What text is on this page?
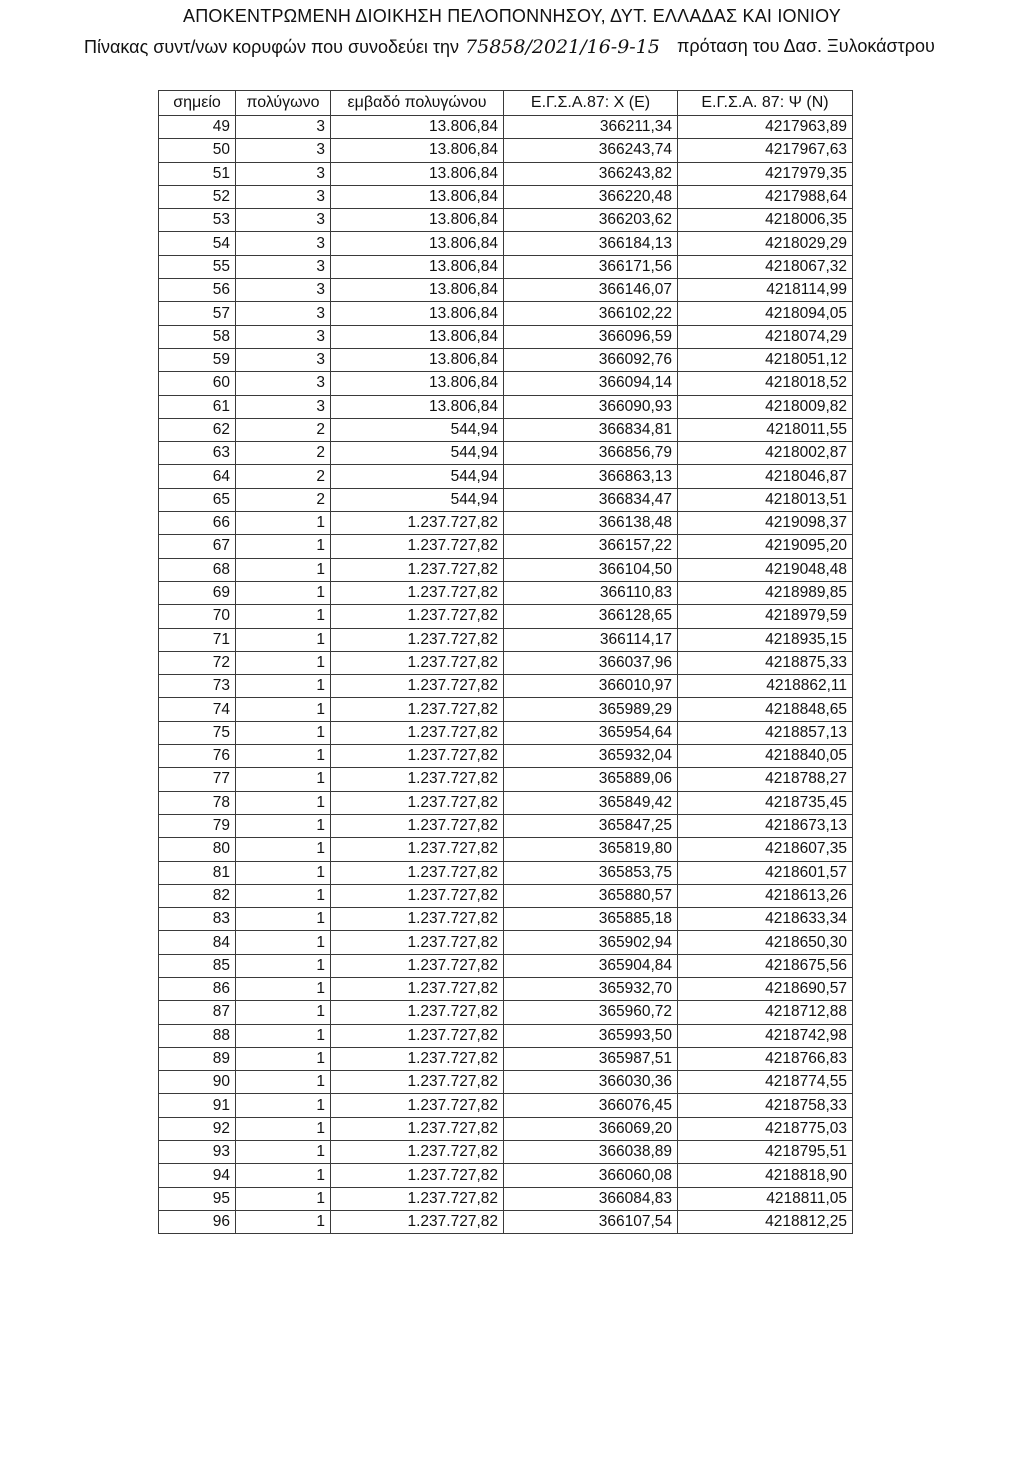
ΑΠΟΚΕΝΤΡΩΜΕΝΗ ΔΙΟΙΚΗΣΗ ΠΕΛΟΠΟΝΝΗΣΟΥ, ΔΥΤ. ΕΛΛΑΔΑΣ ΚΑΙ ΙΟΝΙΟΥ
Πίνακας συντ/νων κορυφών που συνοδεύει την 75858/2021/16-9-15 πρόταση του Δασ. Ξυλοκάστρου
σημείο	πολύγωνο	εμβαδό πολυγώνου	Ε.Γ.Σ.Α.87: Χ (Ε)	Ε.Γ.Σ.Α. 87: Ψ (Ν)
49	3	13.806,84	366211,34	4217963,89
50	3	13.806,84	366243,74	4217967,63
51	3	13.806,84	366243,82	4217979,35
52	3	13.806,84	366220,48	4217988,64
53	3	13.806,84	366203,62	4218006,35
54	3	13.806,84	366184,13	4218029,29
55	3	13.806,84	366171,56	4218067,32
56	3	13.806,84	366146,07	4218114,99
57	3	13.806,84	366102,22	4218094,05
58	3	13.806,84	366096,59	4218074,29
59	3	13.806,84	366092,76	4218051,12
60	3	13.806,84	366094,14	4218018,52
61	3	13.806,84	366090,93	4218009,82
62	2	544,94	366834,81	4218011,55
63	2	544,94	366856,79	4218002,87
64	2	544,94	366863,13	4218046,87
65	2	544,94	366834,47	4218013,51
66	1	1.237.727,82	366138,48	4219098,37
67	1	1.237.727,82	366157,22	4219095,20
68	1	1.237.727,82	366104,50	4219048,48
69	1	1.237.727,82	366110,83	4218989,85
70	1	1.237.727,82	366128,65	4218979,59
71	1	1.237.727,82	366114,17	4218935,15
72	1	1.237.727,82	366037,96	4218875,33
73	1	1.237.727,82	366010,97	4218862,11
74	1	1.237.727,82	365989,29	4218848,65
75	1	1.237.727,82	365954,64	4218857,13
76	1	1.237.727,82	365932,04	4218840,05
77	1	1.237.727,82	365889,06	4218788,27
78	1	1.237.727,82	365849,42	4218735,45
79	1	1.237.727,82	365847,25	4218673,13
80	1	1.237.727,82	365819,80	4218607,35
81	1	1.237.727,82	365853,75	4218601,57
82	1	1.237.727,82	365880,57	4218613,26
83	1	1.237.727,82	365885,18	4218633,34
84	1	1.237.727,82	365902,94	4218650,30
85	1	1.237.727,82	365904,84	4218675,56
86	1	1.237.727,82	365932,70	4218690,57
87	1	1.237.727,82	365960,72	4218712,88
88	1	1.237.727,82	365993,50	4218742,98
89	1	1.237.727,82	365987,51	4218766,83
90	1	1.237.727,82	366030,36	4218774,55
91	1	1.237.727,82	366076,45	4218758,33
92	1	1.237.727,82	366069,20	4218775,03
93	1	1.237.727,82	366038,89	4218795,51
94	1	1.237.727,82	366060,08	4218818,90
95	1	1.237.727,82	366084,83	4218811,05
96	1	1.237.727,82	366107,54	4218812,25
